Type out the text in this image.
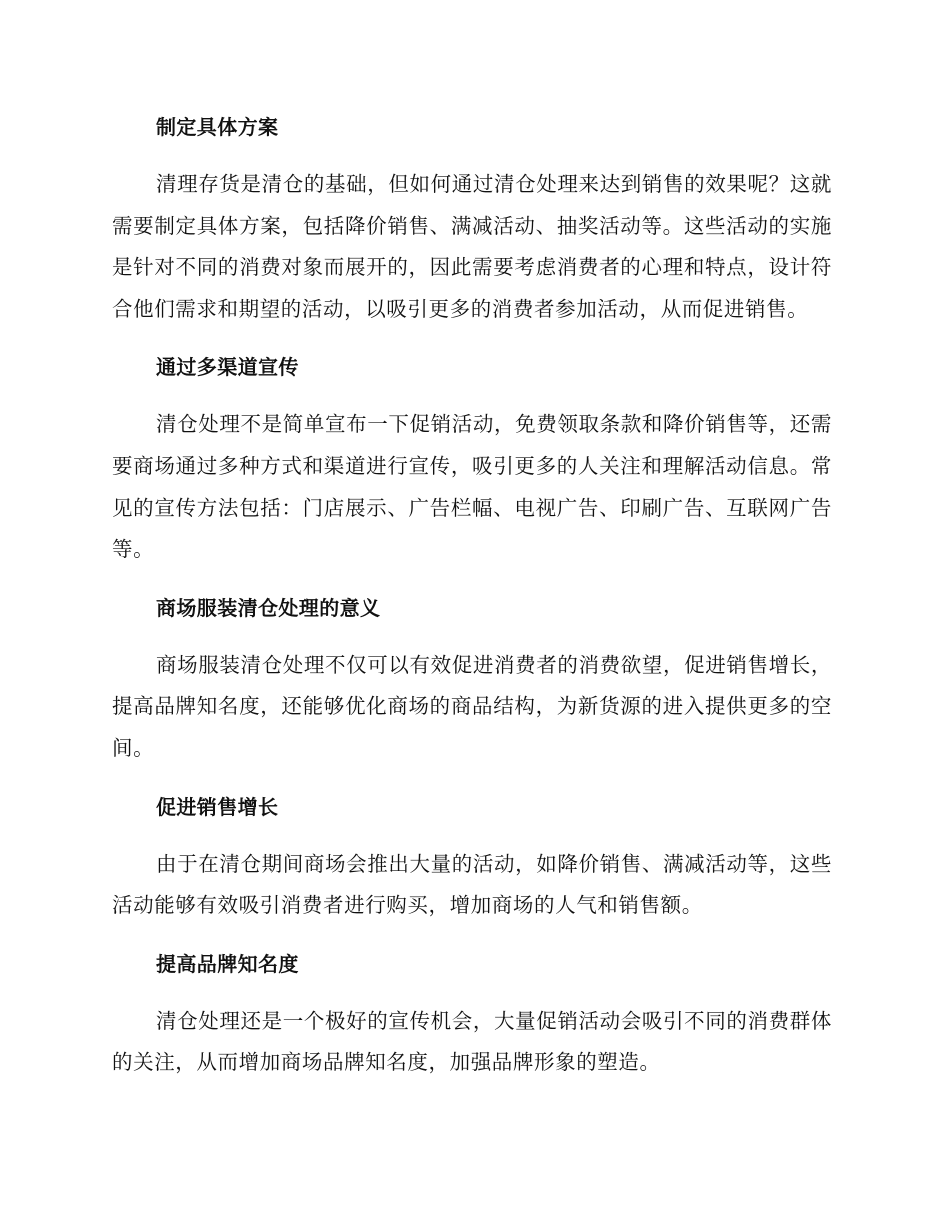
制定具体方案

清理存货是清仓的基础，但如何通过清仓处理来达到销售的效果呢？这就需要制定具体方案，包括降价销售、满减活动、抽奖活动等。这些活动的实施是针对不同的消费对象而展开的，因此需要考虑消费者的心理和特点，设计符合他们需求和期望的活动，以吸引更多的消费者参加活动，从而促进销售。

通过多渠道宣传

清仓处理不是简单宣布一下促销活动，免费领取条款和降价销售等，还需要商场通过多种方式和渠道进行宣传，吸引更多的人关注和理解活动信息。常见的宣传方法包括：门店展示、广告栏幅、电视广告、印刷广告、互联网广告等。

商场服装清仓处理的意义

商场服装清仓处理不仅可以有效促进消费者的消费欲望，促进销售增长，提高品牌知名度，还能够优化商场的商品结构，为新货源的进入提供更多的空间。

促进销售增长

由于在清仓期间商场会推出大量的活动，如降价销售、满减活动等，这些活动能够有效吸引消费者进行购买，增加商场的人气和销售额。

提高品牌知名度

清仓处理还是一个极好的宣传机会，大量促销活动会吸引不同的消费群体的关注，从而增加商场品牌知名度，加强品牌形象的塑造。
